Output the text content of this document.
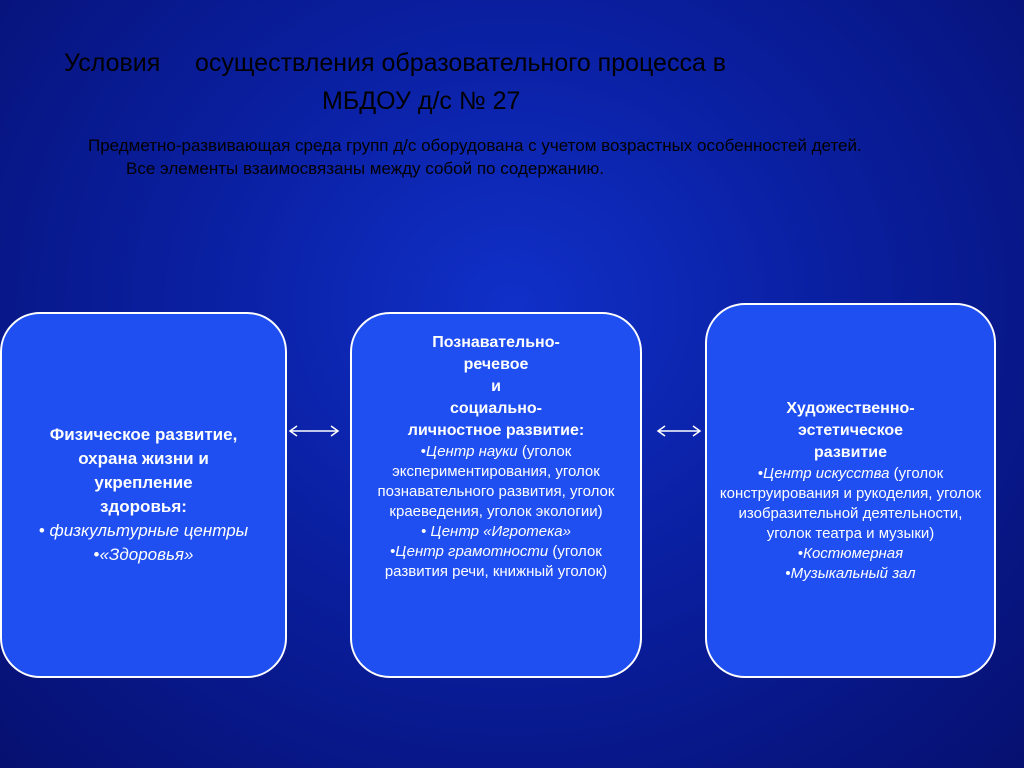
Условия     осуществления образовательного процесса в
МБДОУ д/с № 27
Предметно-развивающая среда групп д/с оборудована с учетом возрастных особенностей детей. Все элементы взаимосвязаны между собой по содержанию.
Физическое развитие,
охрана жизни и
укрепление
здоровья:
• физкультурные центры
•«Здоровья»
Познавательно-
речевое
и
социально-
личностное развитие:
•Центр науки (уголок экспериментирования, уголок познавательного развития, уголок краеведения, уголок экологии)
• Центр «Игротека»
•Центр грамотности (уголок развития речи, книжный уголок)
Художественно-
эстетическое
развитие
•Центр искусства (уголок конструирования и рукоделия, уголок изобразительной деятельности, уголок театра и музыки)
•Костюмерная
•Музыкальный зал
